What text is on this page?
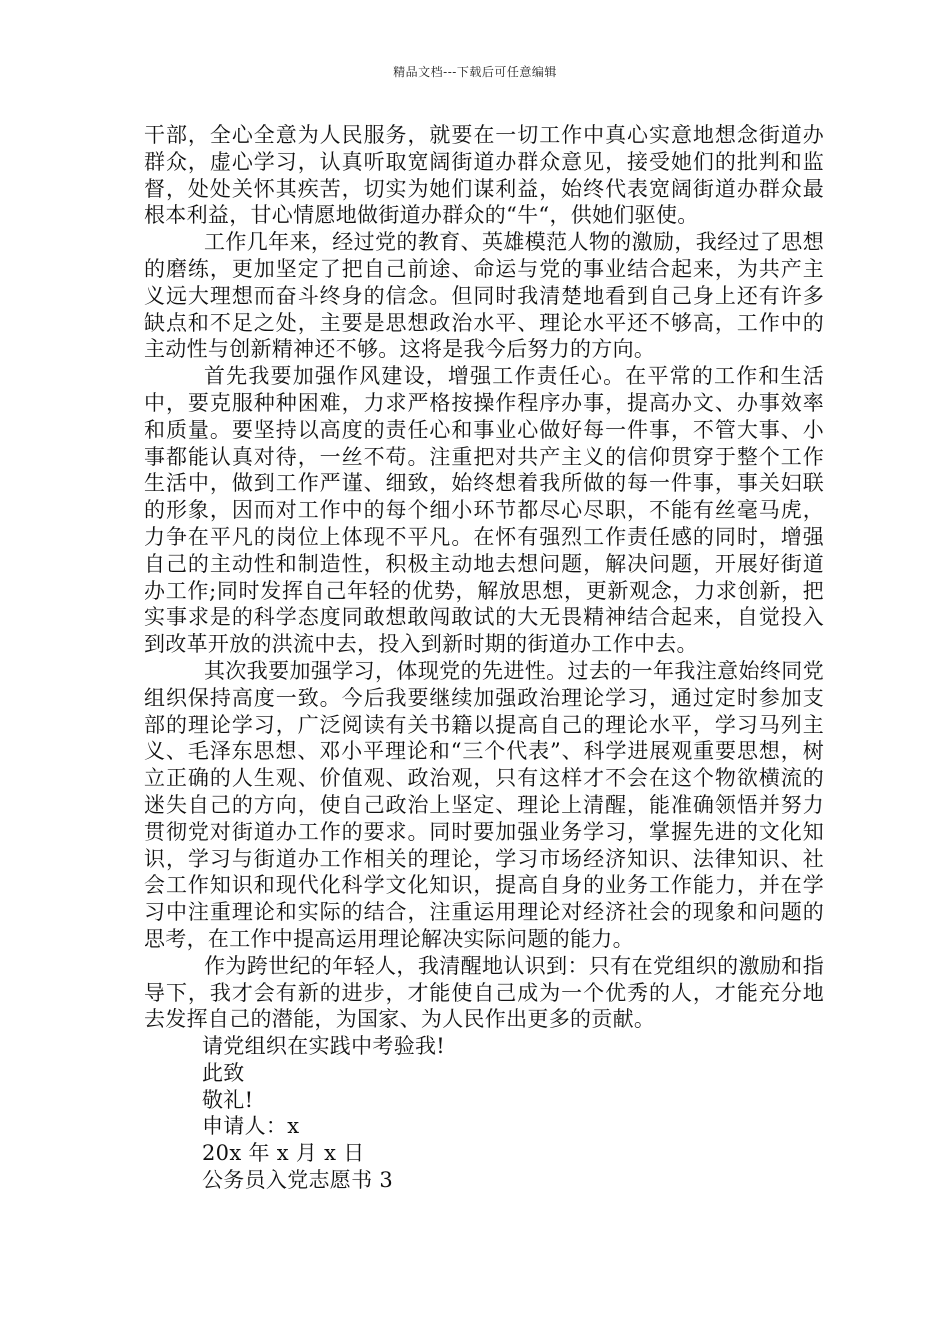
精品文档---下载后可任意编辑

干部，全心全意为人民服务，就要在一切工作中真心实意地想念街道办群众，虚心学习，认真听取宽阔街道办群众意见，接受她们的批判和监督，处处关怀其疾苦，切实为她们谋利益，始终代表宽阔街道办群众最根本利益，甘心情愿地做街道办群众的“牛“，供她们驱使。

工作几年来，经过党的教育、英雄模范人物的激励，我经过了思想的磨练，更加坚定了把自己前途、命运与党的事业结合起来，为共产主义远大理想而奋斗终身的信念。但同时我清楚地看到自己身上还有许多缺点和不足之处，主要是思想政治水平、理论水平还不够高，工作中的主动性与创新精神还不够。这将是我今后努力的方向。

首先我要加强作风建设，增强工作责任心。在平常的工作和生活中，要克服种种困难，力求严格按操作程序办事，提高办文、办事效率和质量。要坚持以高度的责任心和事业心做好每一件事，不管大事、小事都能认真对待，一丝不苟。注重把对共产主义的信仰贯穿于整个工作生活中，做到工作严谨、细致，始终想着我所做的每一件事，事关妇联的形象，因而对工作中的每个细小环节都尽心尽职，不能有丝毫马虎，力争在平凡的岗位上体现不平凡。在怀有强烈工作责任感的同时，增强自己的主动性和制造性，积极主动地去想问题，解决问题，开展好街道办工作;同时发挥自己年轻的优势，解放思想，更新观念，力求创新，把实事求是的科学态度同敢想敢闯敢试的大无畏精神结合起来，自觉投入到改革开放的洪流中去，投入到新时期的街道办工作中去。

其次我要加强学习，体现党的先进性。过去的一年我注意始终同党组织保持高度一致。今后我要继续加强政治理论学习，通过定时参加支部的理论学习，广泛阅读有关书籍以提高自己的理论水平，学习马列主义、毛泽东思想、邓小平理论和“三个代表”、科学进展观重要思想，树立正确的人生观、价值观、政治观，只有这样才不会在这个物欲横流的迷失自己的方向，使自己政治上坚定、理论上清醒，能准确领悟并努力贯彻党对街道办工作的要求。同时要加强业务学习，掌握先进的文化知识，学习与街道办工作相关的理论，学习市场经济知识、法律知识、社会工作知识和现代化科学文化知识，提高自身的业务工作能力，并在学习中注重理论和实际的结合，注重运用理论对经济社会的现象和问题的思考，在工作中提高运用理论解决实际问题的能力。

作为跨世纪的年轻人，我清醒地认识到：只有在党组织的激励和指导下，我才会有新的进步，才能使自己成为一个优秀的人，才能充分地去发挥自己的潜能，为国家、为人民作出更多的贡献。

请党组织在实践中考验我!

此致

敬礼!

申请人：x

20x 年 x 月 x 日

公务员入党志愿书 3
